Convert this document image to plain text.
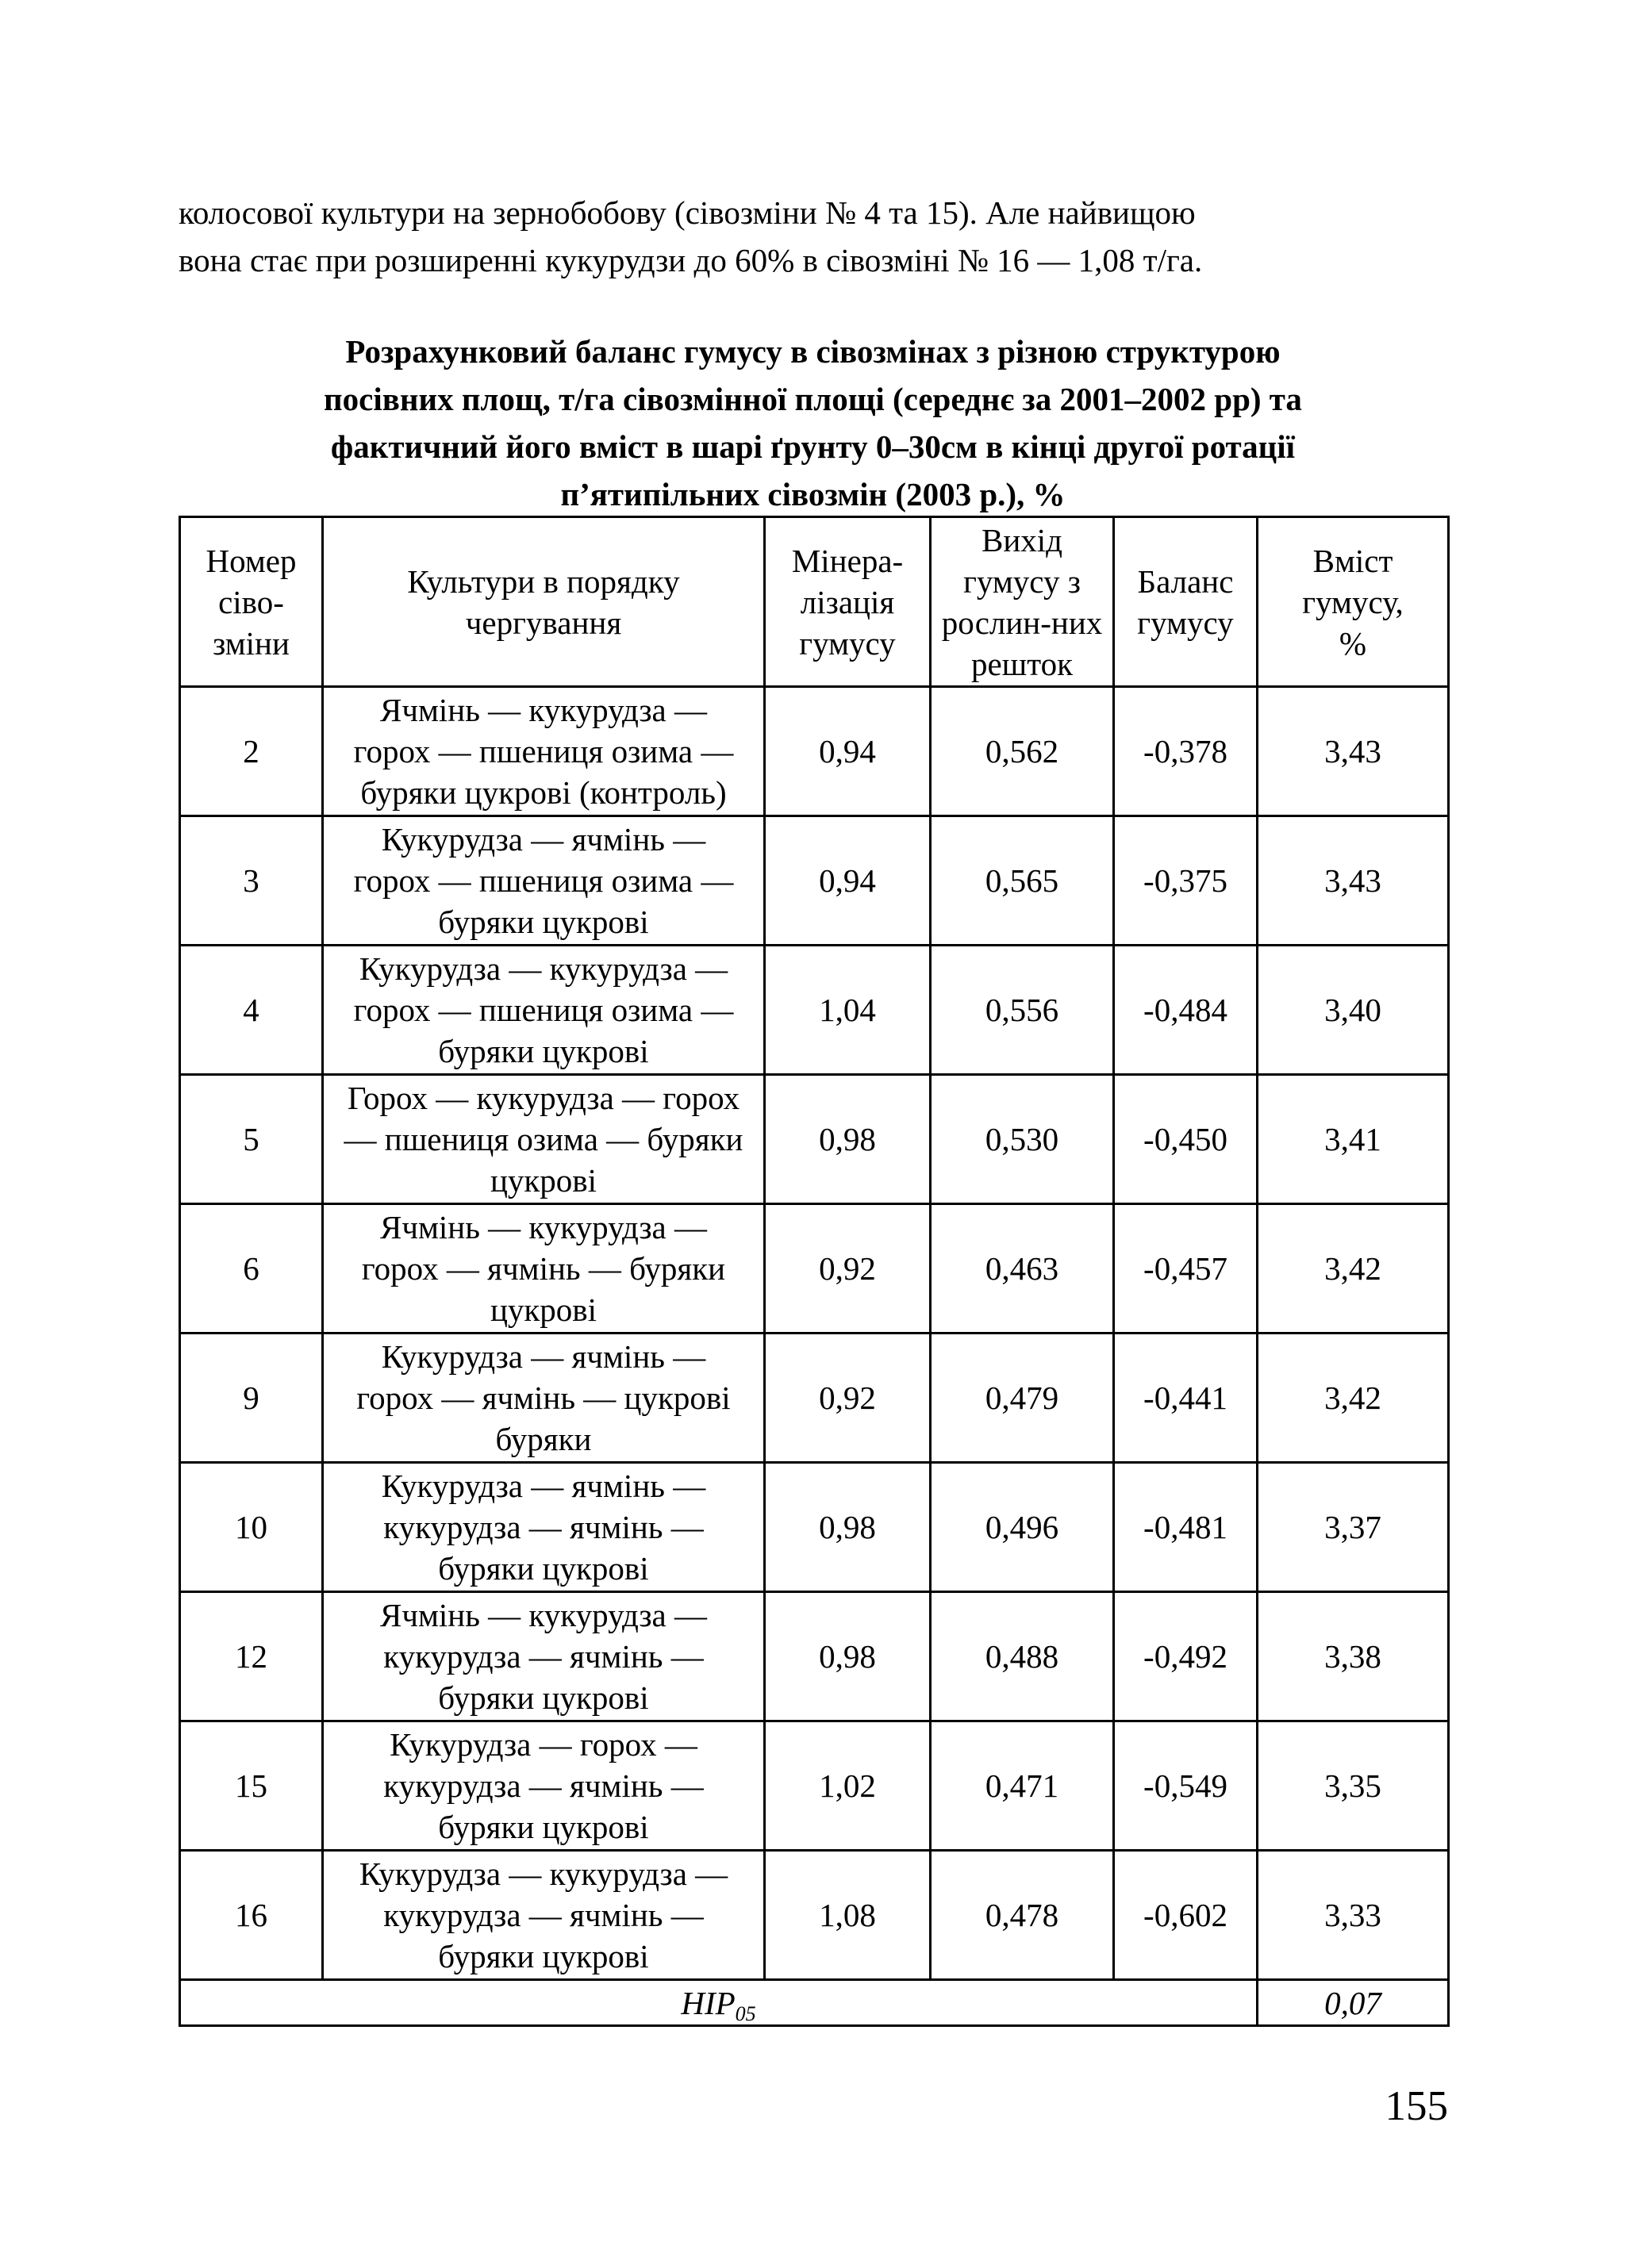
колосової культури на зернобобову (сівозміни № 4 та 15). Але найвищою

вона стає при розширенні кукурудзи до 60% в сівозміні № 16 — 1,08 т/га.

Розрахунковий баланс гумусу в сівозмінах з різною структурою

посівних площ, т/га сівозмінної площі (середнє за 2001–2002 рр) та

фактичний його вміст в шарі ґрунту 0–30см в кінці другої ротації

п’ятипільних сівозмін (2003 р.), %

Номер
сіво-
зміни	Культури в порядку
чергування	Мінера-
лізація
гумусу	Вихід
гумусу з
рослин-них
решток	Баланс
гумусу	Вміст
гумусу,
%
2	Ячмінь — кукурудза —
горох — пшениця озима —
буряки цукрові (контроль)	0,94	0,562	-0,378	3,43
3	Кукурудза — ячмінь —
горох — пшениця озима —
буряки цукрові	0,94	0,565	-0,375	3,43
4	Кукурудза — кукурудза —
горох — пшениця озима —
буряки цукрові	1,04	0,556	-0,484	3,40
5	Горох — кукурудза — горох
— пшениця озима — буряки
цукрові	0,98	0,530	-0,450	3,41
6	Ячмінь — кукурудза —
горох — ячмінь — буряки
цукрові	0,92	0,463	-0,457	3,42
9	Кукурудза — ячмінь —
горох — ячмінь — цукрові
буряки	0,92	0,479	-0,441	3,42
10	Кукурудза — ячмінь —
кукурудза — ячмінь —
буряки цукрові	0,98	0,496	-0,481	3,37
12	Ячмінь — кукурудза —
кукурудза — ячмінь —
буряки цукрові	0,98	0,488	-0,492	3,38
15	Кукурудза — горох —
кукурудза — ячмінь —
буряки цукрові	1,02	0,471	-0,549	3,35
16	Кукурудза — кукурудза —
кукурудза — ячмінь —
буряки цукрові	1,08	0,478	-0,602	3,33
$НІР_{05}$					0,07
155
